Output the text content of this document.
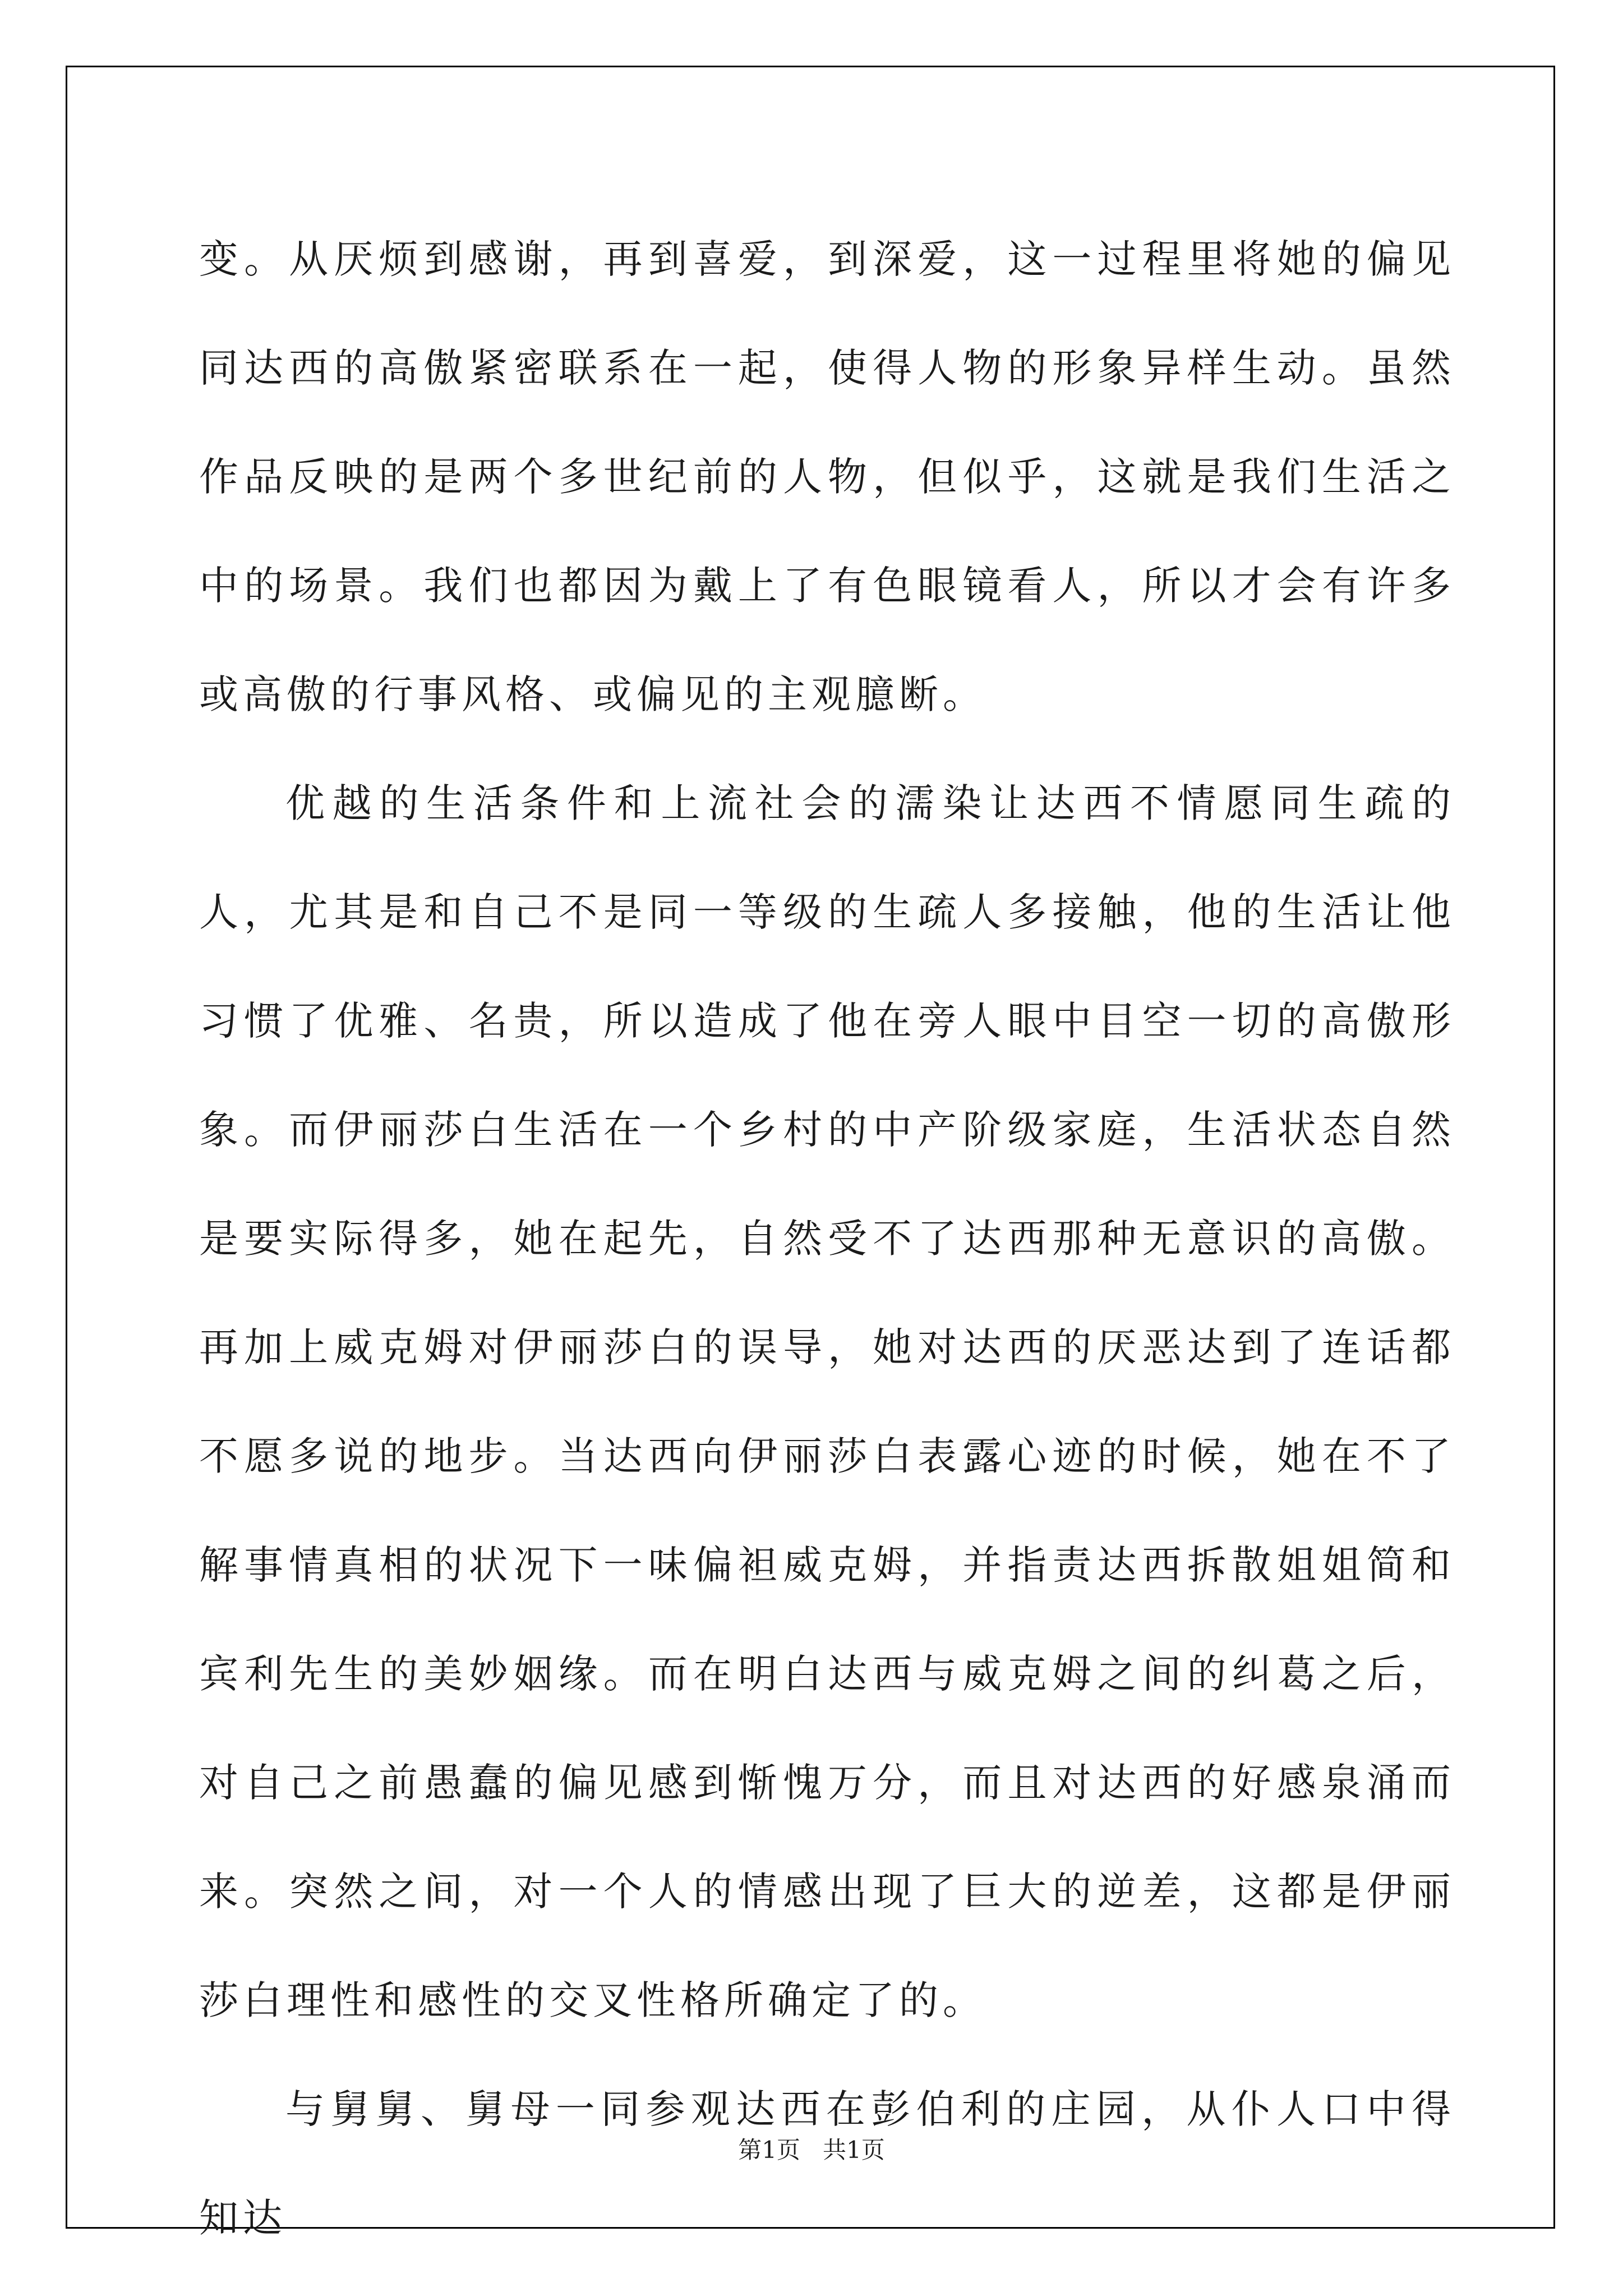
变。从厌烦到感谢，再到喜爱，到深爱，这一过程里将她的偏见同达西的高傲紧密联系在一起，使得人物的形象异样生动。虽然作品反映的是两个多世纪前的人物，但似乎，这就是我们生活之中的场景。我们也都因为戴上了有色眼镜看人，所以才会有许多或高傲的行事风格、或偏见的主观臆断。

优越的生活条件和上流社会的濡染让达西不情愿同生疏的人，尤其是和自己不是同一等级的生疏人多接触，他的生活让他习惯了优雅、名贵，所以造成了他在旁人眼中目空一切的高傲形象。而伊丽莎白生活在一个乡村的中产阶级家庭，生活状态自然是要实际得多，她在起先，自然受不了达西那种无意识的高傲。再加上威克姆对伊丽莎白的误导，她对达西的厌恶达到了连话都不愿多说的地步。当达西向伊丽莎白表露心迹的时候，她在不了解事情真相的状况下一味偏袒威克姆，并指责达西拆散姐姐简和宾利先生的美妙姻缘。而在明白达西与威克姆之间的纠葛之后，对自己之前愚蠢的偏见感到惭愧万分，而且对达西的好感泉涌而来。突然之间，对一个人的情感出现了巨大的逆差，这都是伊丽莎白理性和感性的交叉性格所确定了的。

与舅舅、舅母一同参观达西在彭伯利的庄园，从仆人口中得知达

第1页 共1页
